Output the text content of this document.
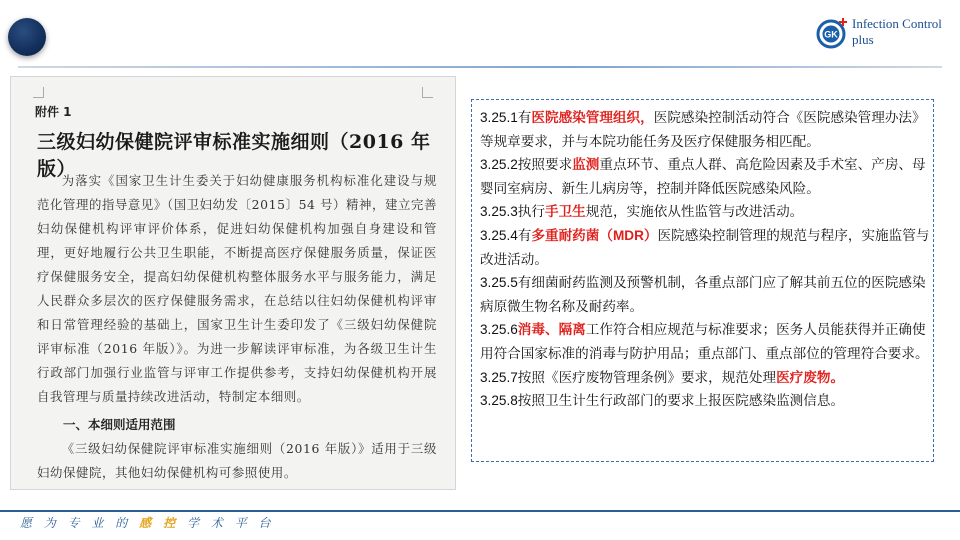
GK
Infection Control plus
附件 1
三级妇幼保健院评审标准实施细则（2016 年版）

为落实《国家卫生计生委关于妇幼健康服务机构标准化建设与规范化管理的指导意见》（国卫妇幼发〔2015〕54 号）精神，建立完善妇幼保健机构评审评价体系，促进妇幼保健机构加强自身建设和管理，更好地履行公共卫生职能，不断提高医疗保健服务质量，保证医疗保健服务安全，提高妇幼保健机构整体服务水平与服务能力，满足人民群众多层次的医疗保健服务需求，在总结以往妇幼保健机构评审和日常管理经验的基础上，国家卫生计生委印发了《三级妇幼保健院评审标准（2016 年版）》。为进一步解读评审标准，为各级卫生计生行政部门加强行业监管与评审工作提供参考，支持妇幼保健机构开展自我管理与质量持续改进活动，特制定本细则。

一、本细则适用范围

《三级妇幼保健院评审标准实施细则（2016 年版）》适用于三级妇幼保健院，其他妇幼保健机构可参照使用。

3.25.1有医院感染管理组织，医院感染控制活动符合《医院感染管理办法》等规章要求，并与本院功能任务及医疗保健服务相匹配。

3.25.2按照要求监测重点环节、重点人群、高危险因素及手术室、产房、母婴同室病房、新生儿病房等，控制并降低医院感染风险。

3.25.3执行手卫生规范，实施依从性监管与改进活动。

3.25.4有多重耐药菌（MDR）医院感染控制管理的规范与程序，实施监管与改进活动。

3.25.5有细菌耐药监测及预警机制，各重点部门应了解其前五位的医院感染病原微生物名称及耐药率。

3.25.6消毒、隔离工作符合相应规范与标准要求；医务人员能获得并正确使用符合国家标准的消毒与防护用品；重点部门、重点部位的管理符合要求。

3.25.7按照《医疗废物管理条例》要求，规范处理医疗废物。

3.25.8按照卫生计生行政部门的要求上报医院感染监测信息。

愿 为 专 业 的 感 控 学 术 平 台
